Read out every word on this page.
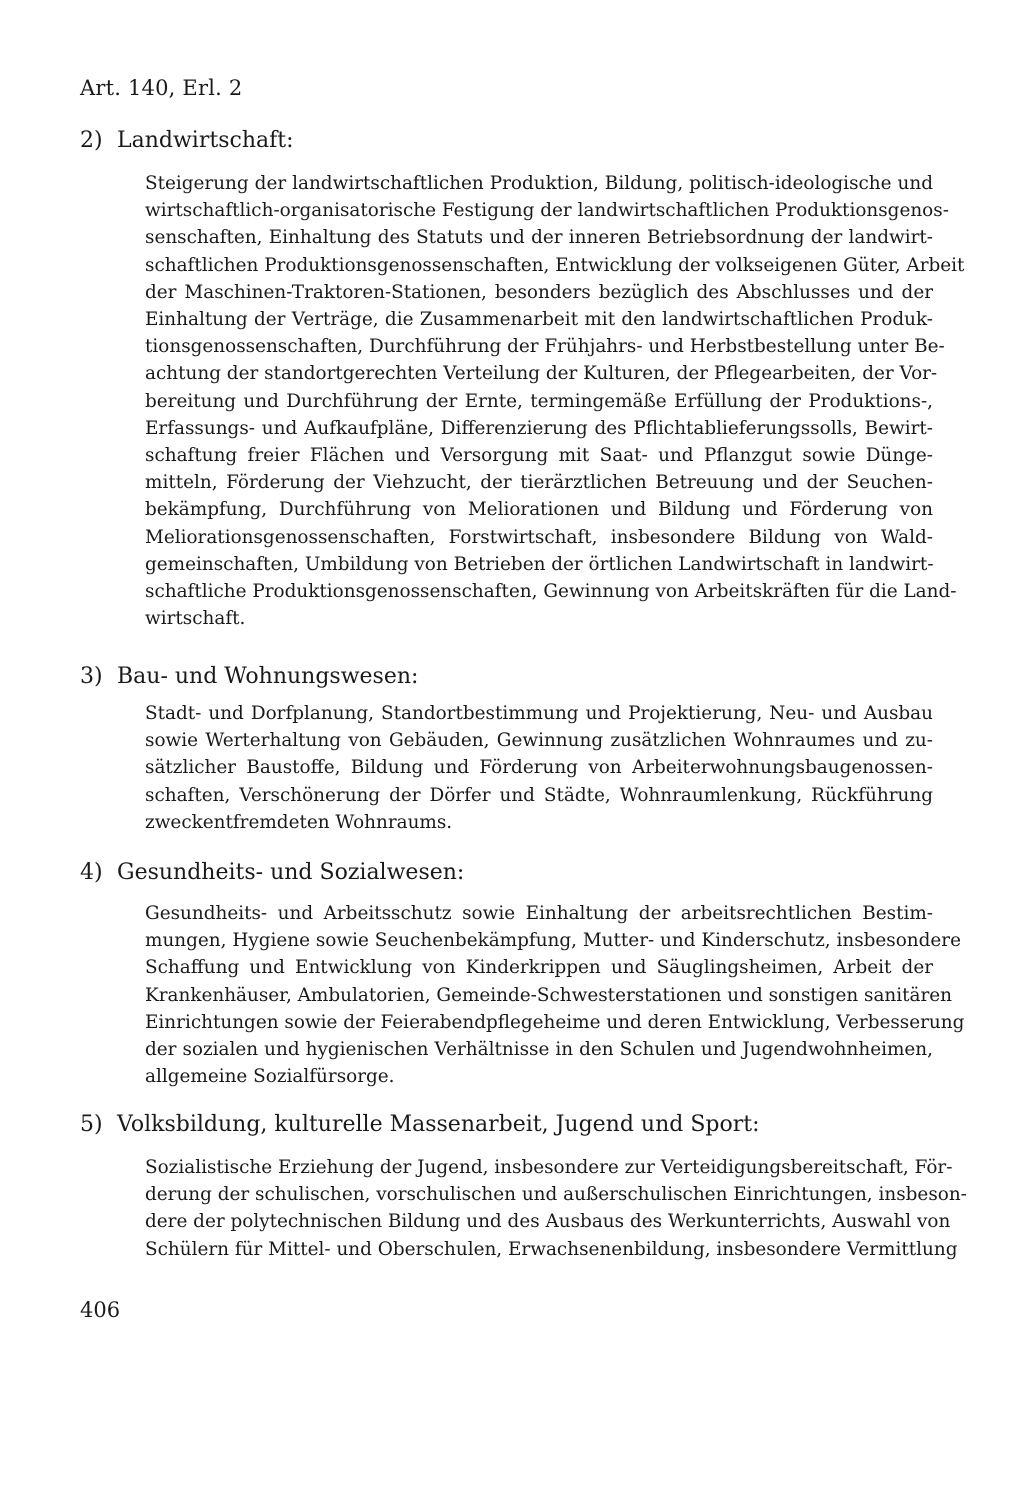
Art. 140, Erl. 2
2) Landwirtschaft:
Steigerung der landwirtschaftlichen Produktion, Bildung, politisch-ideologische und
wirtschaftlich-organisatorische Festigung der landwirtschaftlichen Produktionsgenos-
senschaften, Einhaltung des Statuts und der inneren Betriebsordnung der landwirt-
schaftlichen Produktionsgenossenschaften, Entwicklung der volkseigenen Güter, Arbeit
der Maschinen-Traktoren-Stationen, besonders bezüglich des Abschlusses und der
Einhaltung der Verträge, die Zusammenarbeit mit den landwirtschaftlichen Produk-
tionsgenossenschaften, Durchführung der Frühjahrs- und Herbstbestellung unter Be-
achtung der standortgerechten Verteilung der Kulturen, der Pflegearbeiten, der Vor-
bereitung und Durchführung der Ernte, termingemäße Erfüllung der Produktions-,
Erfassungs- und Aufkaufpläne, Differenzierung des Pflichtablieferungssolls, Bewirt-
schaftung freier Flächen und Versorgung mit Saat- und Pflanzgut sowie Dünge-
mitteln, Förderung der Viehzucht, der tierärztlichen Betreuung und der Seuchen-
bekämpfung, Durchführung von Meliorationen und Bildung und Förderung von
Meliorationsgenossenschaften, Forstwirtschaft, insbesondere Bildung von Wald-
gemeinschaften, Umbildung von Betrieben der örtlichen Landwirtschaft in landwirt-
schaftliche Produktionsgenossenschaften, Gewinnung von Arbeitskräften für die Land-
wirtschaft.
3) Bau- und Wohnungswesen:
Stadt- und Dorfplanung, Standortbestimmung und Projektierung, Neu- und Ausbau
sowie Werterhaltung von Gebäuden, Gewinnung zusätzlichen Wohnraumes und zu-
sätzlicher Baustoffe, Bildung und Förderung von Arbeiterwohnungsbaugenossen-
schaften, Verschönerung der Dörfer und Städte, Wohnraumlenkung, Rückführung
zweckentfremdeten Wohnraums.
4) Gesundheits- und Sozialwesen:
Gesundheits- und Arbeitsschutz sowie Einhaltung der arbeitsrechtlichen Bestim-
mungen, Hygiene sowie Seuchenbekämpfung, Mutter- und Kinderschutz, insbesondere
Schaffung und Entwicklung von Kinderkrippen und Säuglingsheimen, Arbeit der
Krankenhäuser, Ambulatorien, Gemeinde-Schwesterstationen und sonstigen sanitären
Einrichtungen sowie der Feierabendpflegeheime und deren Entwicklung, Verbesserung
der sozialen und hygienischen Verhältnisse in den Schulen und Jugendwohnheimen,
allgemeine Sozialfürsorge.
5) Volksbildung, kulturelle Massenarbeit, Jugend und Sport:
Sozialistische Erziehung der Jugend, insbesondere zur Verteidigungsbereitschaft, För-
derung der schulischen, vorschulischen und außerschulischen Einrichtungen, insbeson-
dere der polytechnischen Bildung und des Ausbaus des Werkunterrichts, Auswahl von
Schülern für Mittel- und Oberschulen, Erwachsenenbildung, insbesondere Vermittlung
406
